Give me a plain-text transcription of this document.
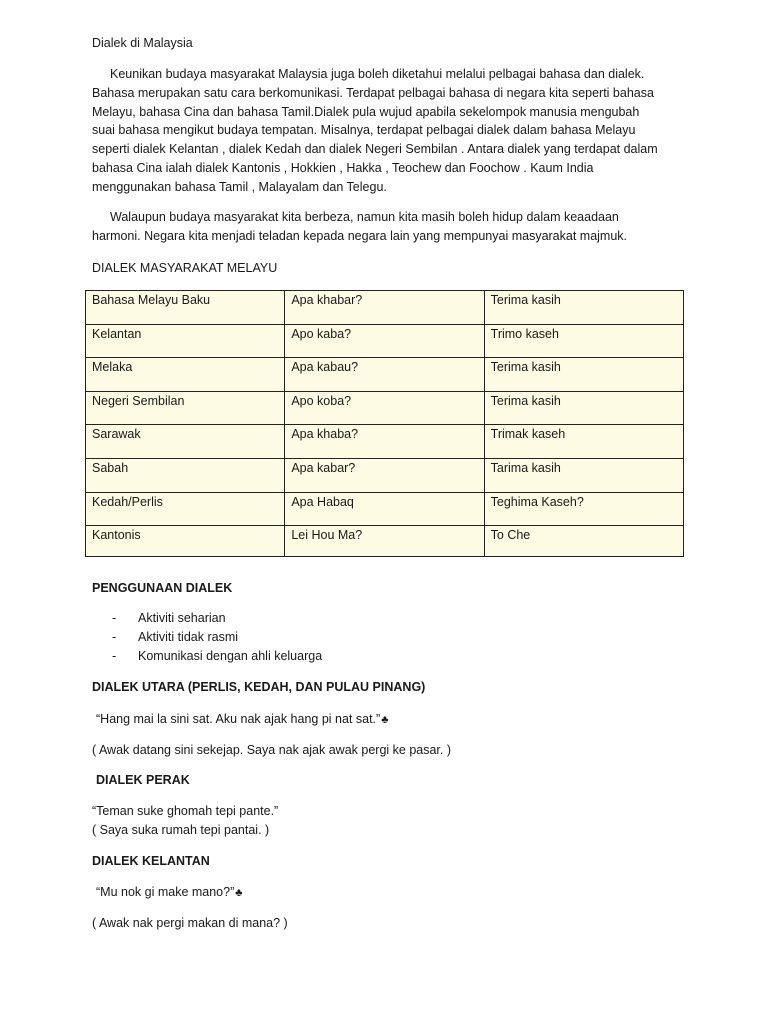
Dialek di Malaysia

Keunikan budaya masyarakat Malaysia juga boleh diketahui melalui pelbagai bahasa dan dialek. Bahasa merupakan satu cara berkomunikasi. Terdapat pelbagai bahasa di negara kita seperti bahasa Melayu, bahasa Cina dan bahasa Tamil.Dialek pula wujud apabila sekelompok manusia mengubah suai bahasa mengikut budaya tempatan. Misalnya, terdapat pelbagai dialek dalam bahasa Melayu seperti dialek Kelantan , dialek Kedah dan dialek Negeri Sembilan . Antara dialek yang terdapat dalam bahasa Cina ialah dialek Kantonis , Hokkien , Hakka , Teochew dan Foochow . Kaum India menggunakan bahasa Tamil , Malayalam dan Telegu.

Walaupun budaya masyarakat kita berbeza, namun kita masih boleh hidup dalam keaadaan harmoni. Negara kita menjadi teladan kepada negara lain yang mempunyai masyarakat majmuk.

DIALEK MASYARAKAT MELAYU
Bahasa Melayu Baku	Apa khabar?	Terima kasih
Kelantan	Apo kaba?	Trimo kaseh
Melaka	Apa kabau?	Terima kasih
Negeri Sembilan	Apo koba?	Terima kasih
Sarawak	Apa khaba?	Trimak kaseh
Sabah	Apa kabar?	Tarima kasih
Kedah/Perlis	Apa Habaq	Teghima Kaseh?
Kantonis	Lei Hou Ma?	To Che
PENGGUNAAN DIALEK
- Aktiviti seharian
- Aktiviti tidak rasmi
- Komunikasi dengan ahli keluarga
DIALEK UTARA (PERLIS, KEDAH, DAN PULAU PINANG)
“Hang mai la sini sat. Aku nak ajak hang pi nat sat.”♣
( Awak datang sini sekejap. Saya nak ajak awak pergi ke pasar. )
DIALEK PERAK
“Teman suke ghomah tepi pante.”
( Saya suka rumah tepi pantai. )
DIALEK KELANTAN
“Mu nok gi make mano?”♣
( Awak nak pergi makan di mana? )
